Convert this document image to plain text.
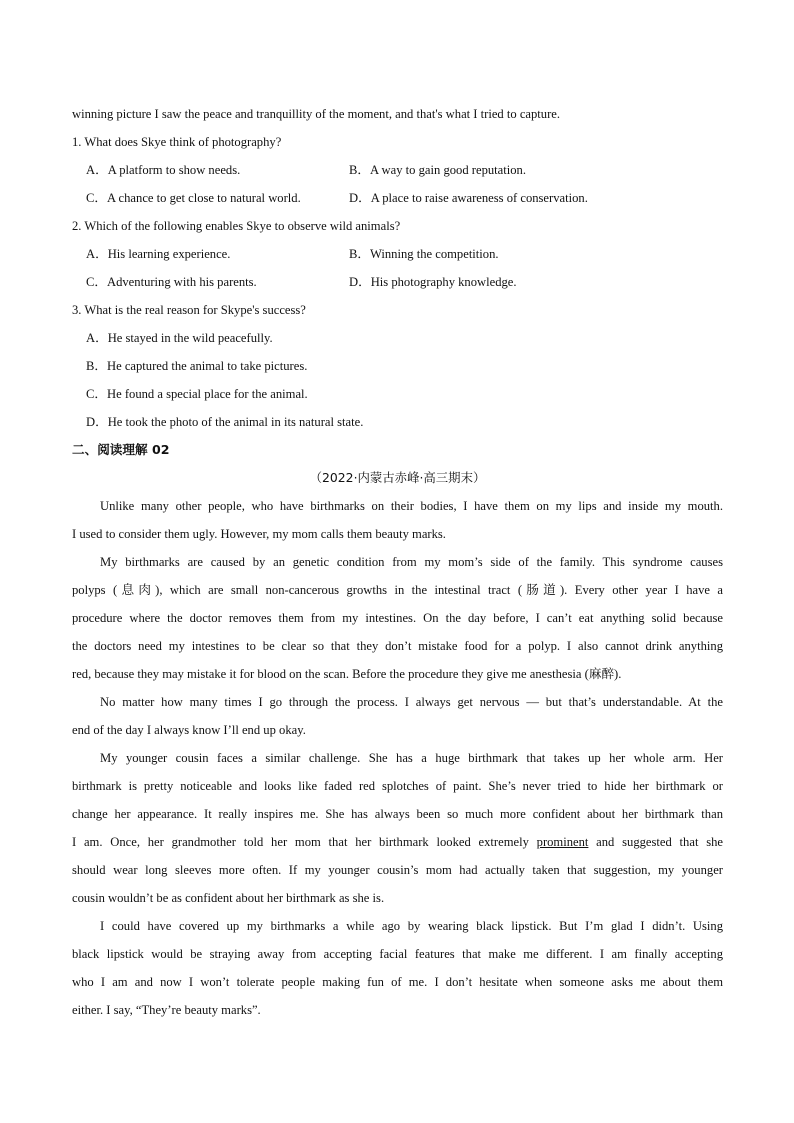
winning picture I saw the peace and tranquillity of the moment, and that's what I tried to capture.
1. What does Skye think of photography?
A．A platform to show needs.	B．A way to gain good reputation.
C．A chance to get close to natural world.	D．A place to raise awareness of conservation.
2. Which of the following enables Skye to observe wild animals?
A．His learning experience.	B．Winning the competition.
C．Adventuring with his parents.	D．His photography knowledge.
3. What is the real reason for Skype's success?
A．He stayed in the wild peacefully.
B．He captured the animal to take pictures.
C．He found a special place for the animal.
D．He took the photo of the animal in its natural state.
二、阅读理解 02
（2022·内蒙古赤峰·高三期末）
Unlike many other people, who have birthmarks on their bodies, I have them on my lips and inside my mouth.
I used to consider them ugly. However, my mom calls them beauty marks.
My birthmarks are caused by an genetic condition from my mom’s side of the family. This syndrome causes
polyps (息肉), which are small non-cancerous growths in the intestinal tract (肠道). Every other year I have a
procedure where the doctor removes them from my intestines. On the day before, I can’t eat anything solid because
the doctors need my intestines to be clear so that they don’t mistake food for a polyp. I also cannot drink anything
red, because they may mistake it for blood on the scan. Before the procedure they give me anesthesia (麻醉).
No matter how many times I go through the process. I always get nervous — but that’s understandable. At the
end of the day I always know I’ll end up okay.
My younger cousin faces a similar challenge. She has a huge birthmark that takes up her whole arm. Her
birthmark is pretty noticeable and looks like faded red splotches of paint. She’s never tried to hide her birthmark or
change her appearance. It really inspires me. She has always been so much more confident about her birthmark than
I am. Once, her grandmother told her mom that her birthmark looked extremely prominent and suggested that she
should wear long sleeves more often. If my younger cousin’s mom had actually taken that suggestion, my younger
cousin wouldn’t be as confident about her birthmark as she is.
I could have covered up my birthmarks a while ago by wearing black lipstick. But I’m glad I didn’t. Using
black lipstick would be straying away from accepting facial features that make me different. I am finally accepting
who I am and now I won’t tolerate people making fun of me. I don’t hesitate when someone asks me about them
either. I say, “They’re beauty marks”.
